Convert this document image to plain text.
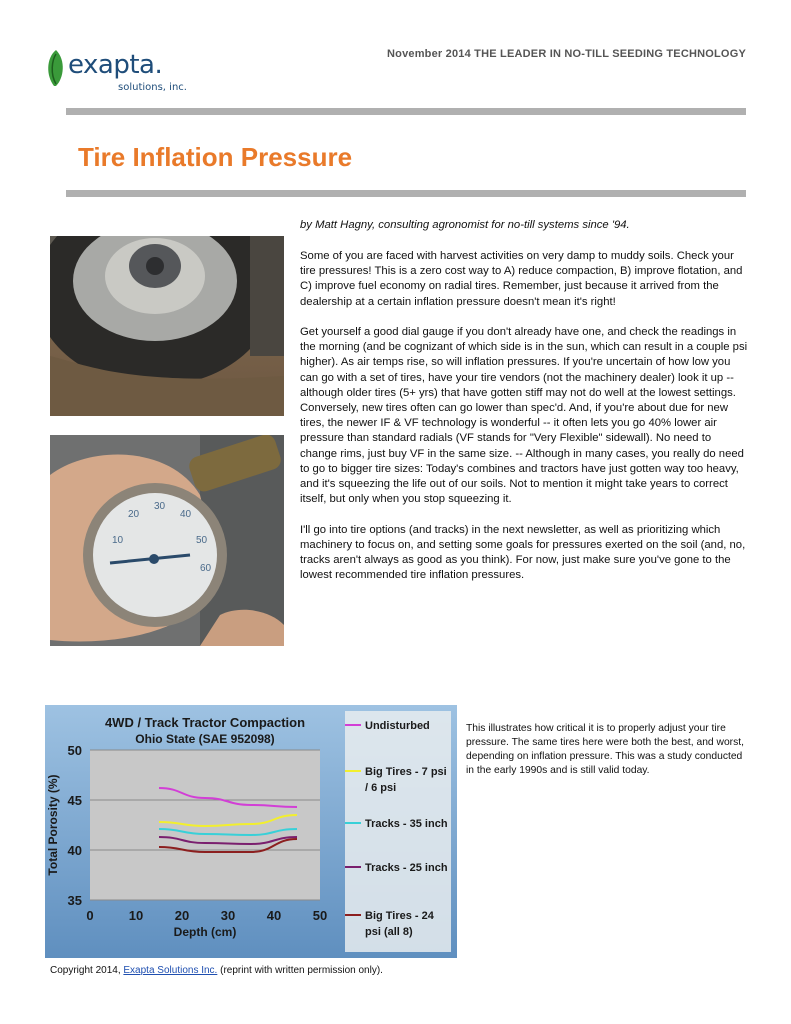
exapta.
solutions, inc.
November 2014 THE LEADER IN NO-TILL SEEDING TECHNOLOGY
Tire Inflation Pressure
10
20
30
40
50
60
by Matt Hagny, consulting agronomist for no-till systems since '94.

Some of you are faced with harvest activities on very damp to muddy soils. Check your tire pressures! This is a zero cost way to A) reduce compaction, B) improve flotation, and C) improve fuel economy on radial tires. Remember, just because it arrived from the dealership at a certain inflation pressure doesn't mean it's right!

Get yourself a good dial gauge if you don't already have one, and check the readings in the morning (and be cognizant of which side is in the sun, which can result in a couple psi higher). As air temps rise, so will inflation pressures. If you're uncertain of how low you can go with a set of tires, have your tire vendors (not the machinery dealer) look it up -- although older tires (5+ yrs) that have gotten stiff may not do well at the lowest settings. Conversely, new tires often can go lower than spec'd. And, if you're about due for new tires, the newer IF & VF technology is wonderful -- it often lets you go 40% lower air pressure than standard radials (VF stands for "Very Flexible" sidewall). No need to change rims, just buy VF in the same size. -- Although in many cases, you really do need to go to bigger tire sizes: Today's combines and tractors have just gotten way too heavy, and it's squeezing the life out of our soils. Not to mention it might take years to correct itself, but only when you stop squeezing it.

I'll go into tire options (and tracks) in the next newsletter, as well as prioritizing which machinery to focus on, and setting some goals for pressures exerted on the soil (and, no, tracks aren't always as good as you think). For now, just make sure you've gone to the lowest recommended tire inflation pressures.

4WD / Track Tractor Compaction
Ohio State (SAE 952098)
35
40
45
50
0	10 20 30 40 50
Depth (cm)
Total Porosity (%)
Undisturbed
Big Tires - 7 psi
/ 6 psi
Tracks - 35 inch
Tracks - 25 inch
Big Tires - 24
psi (all 8)
This illustrates how critical it is to properly adjust your tire pressure. The same tires here were both the best, and worst, depending on inflation pressure. This was a study conducted in the early 1990s and is still valid today.
Copyright 2014, Exapta Solutions Inc. (reprint with written permission only).
